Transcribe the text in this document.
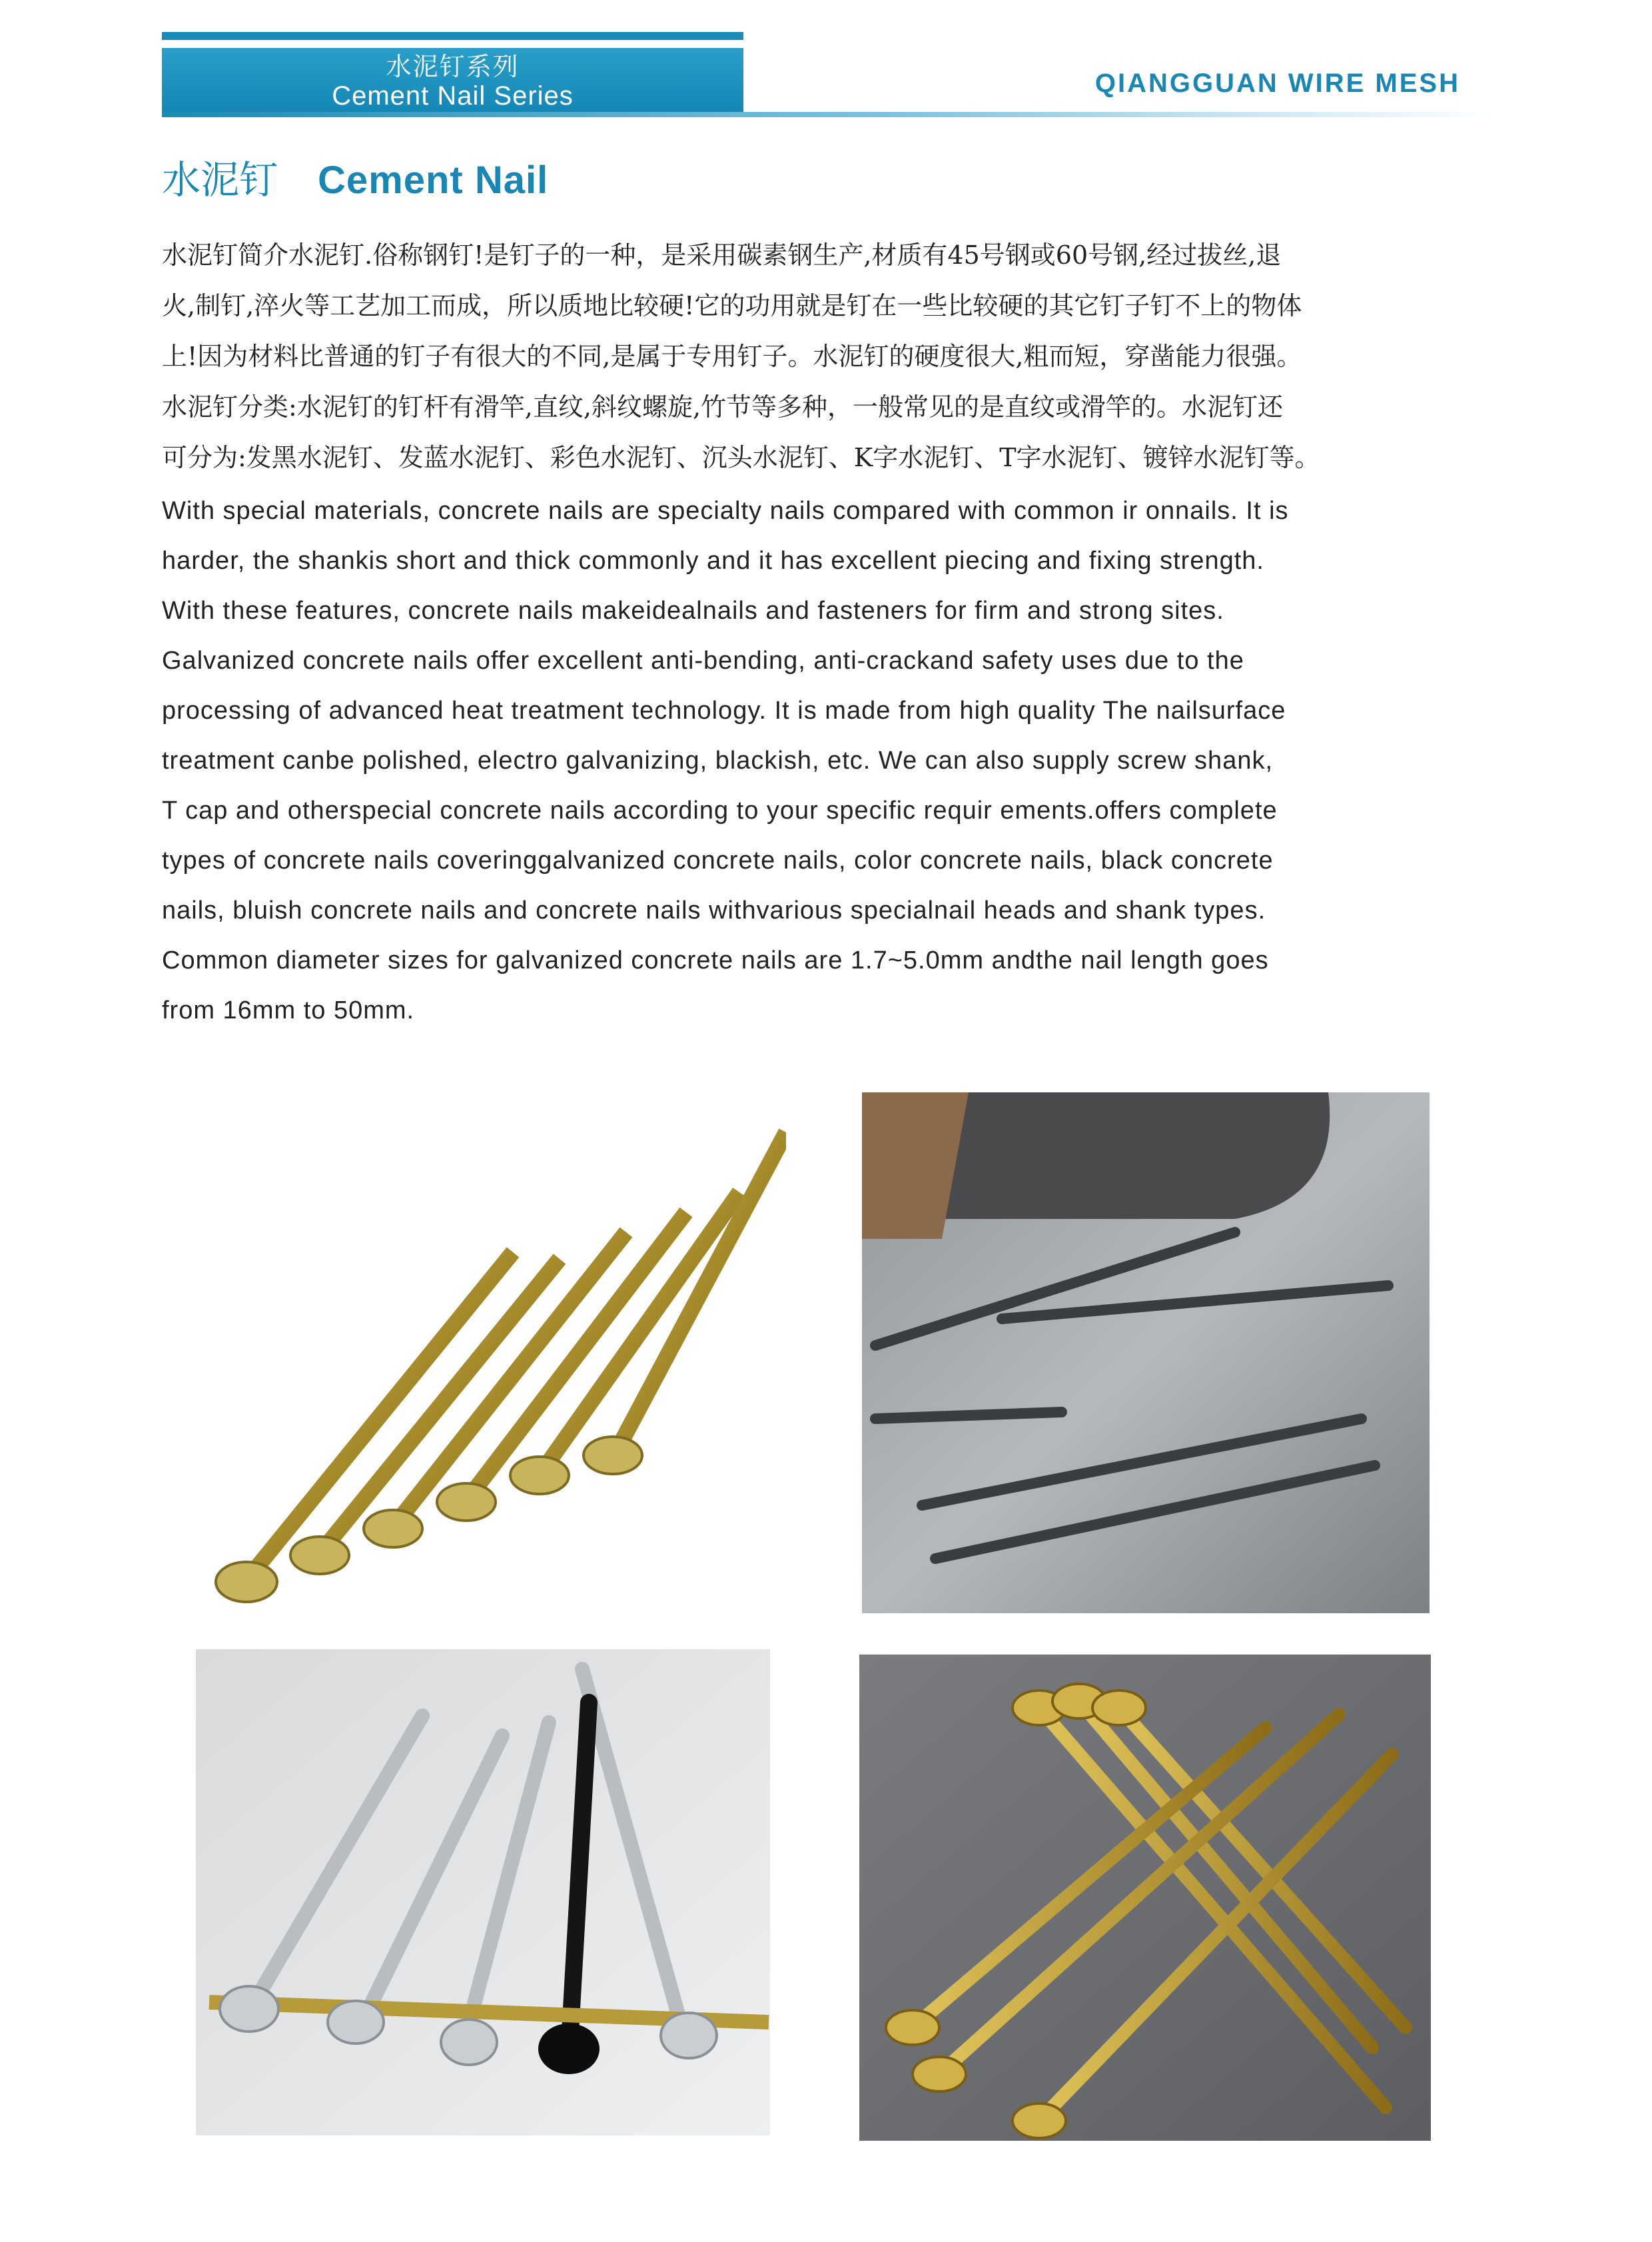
水泥钉系列
Cement Nail Series	QIANGGUAN WIRE MESH
水泥钉 Cement Nail
水泥钉简介水泥钉.俗称钢钉!是钉子的一种，是采用碳素钢生产,材质有45号钢或60号钢,经过拔丝,退
火,制钉,淬火等工艺加工而成，所以质地比较硬!它的功用就是钉在一些比较硬的其它钉子钉不上的物体
上!因为材料比普通的钉子有很大的不同,是属于专用钉子。水泥钉的硬度很大,粗而短，穿凿能力很强。
水泥钉分类:水泥钉的钉杆有滑竿,直纹,斜纹螺旋,竹节等多种，一般常见的是直纹或滑竿的。水泥钉还
可分为:发黑水泥钉、发蓝水泥钉、彩色水泥钉、沉头水泥钉、K字水泥钉、T字水泥钉、镀锌水泥钉等。
With special materials, concrete nails are specialty nails compared with common ir onnails. It is
harder, the shankis short and thick commonly and it has excellent piecing and fixing strength.
With these features, concrete nails makeidealnails and fasteners for firm and strong sites.
Galvanized concrete nails offer excellent anti-bending, anti-crackand safety uses due to the
processing of advanced heat treatment technology. It is made from high quality The nailsurface
treatment canbe polished, electro galvanizing, blackish, etc. We can also supply screw shank,
T cap and otherspecial concrete nails according to your specific requir ements.offers complete
types of concrete nails coveringgalvanized concrete nails, color concrete nails, black concrete
nails, bluish concrete nails and concrete nails withvarious specialnail heads and shank types.
Common diameter sizes for galvanized concrete nails are 1.7~5.0mm andthe nail length goes
from 16mm to 50mm.
